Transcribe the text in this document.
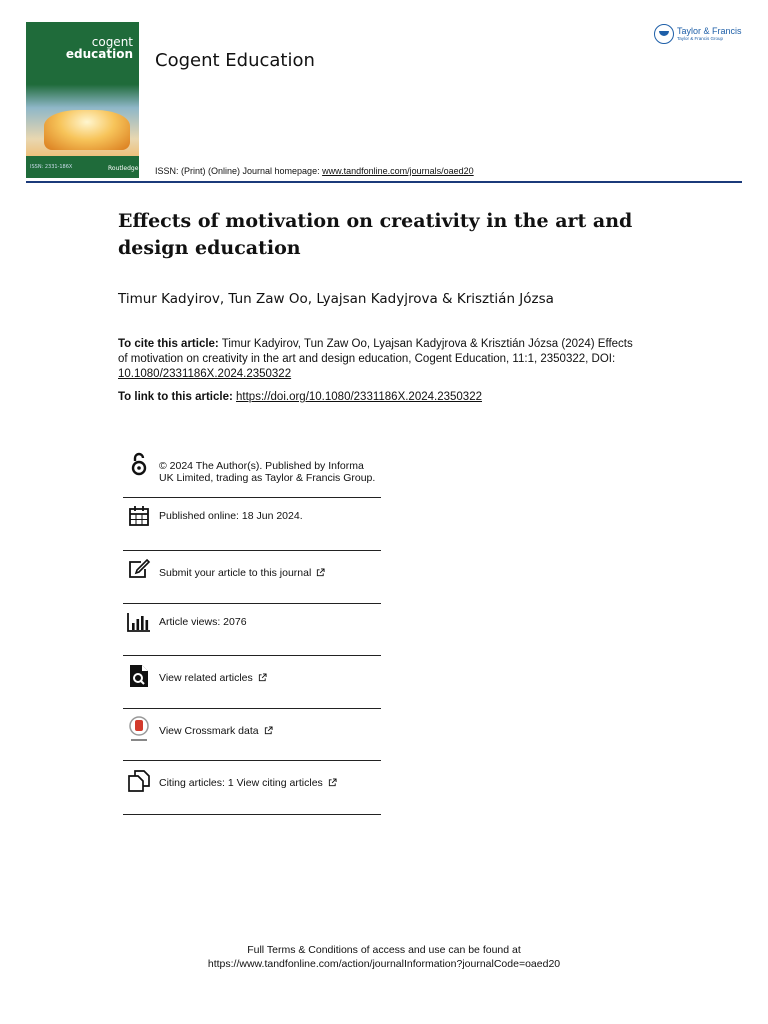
cogent
education
ISSN: 2331-186X	Routledge
Cogent Education
Taylor & Francis
Taylor & Francis Group
ISSN: (Print) (Online) Journal homepage: www.tandfonline.com/journals/oaed20
Effects of motivation on creativity in the art and design education
Timur Kadyirov, Tun Zaw Oo, Lyajsan Kadyjrova & Krisztián Józsa
To cite this article: Timur Kadyirov, Tun Zaw Oo, Lyajsan Kadyjrova & Krisztián Józsa (2024) Effects of motivation on creativity in the art and design education, Cogent Education, 11:1, 2350322, DOI: 10.1080/2331186X.2024.2350322
To link to this article: https://doi.org/10.1080/2331186X.2024.2350322
© 2024 The Author(s). Published by Informa UK Limited, trading as Taylor & Francis Group.
Published online: 18 Jun 2024.
Submit your article to this journal
Article views: 2076
View related articles
View Crossmark data
Citing articles: 1 View citing articles
Full Terms & Conditions of access and use can be found at
https://www.tandfonline.com/action/journalInformation?journalCode=oaed20
